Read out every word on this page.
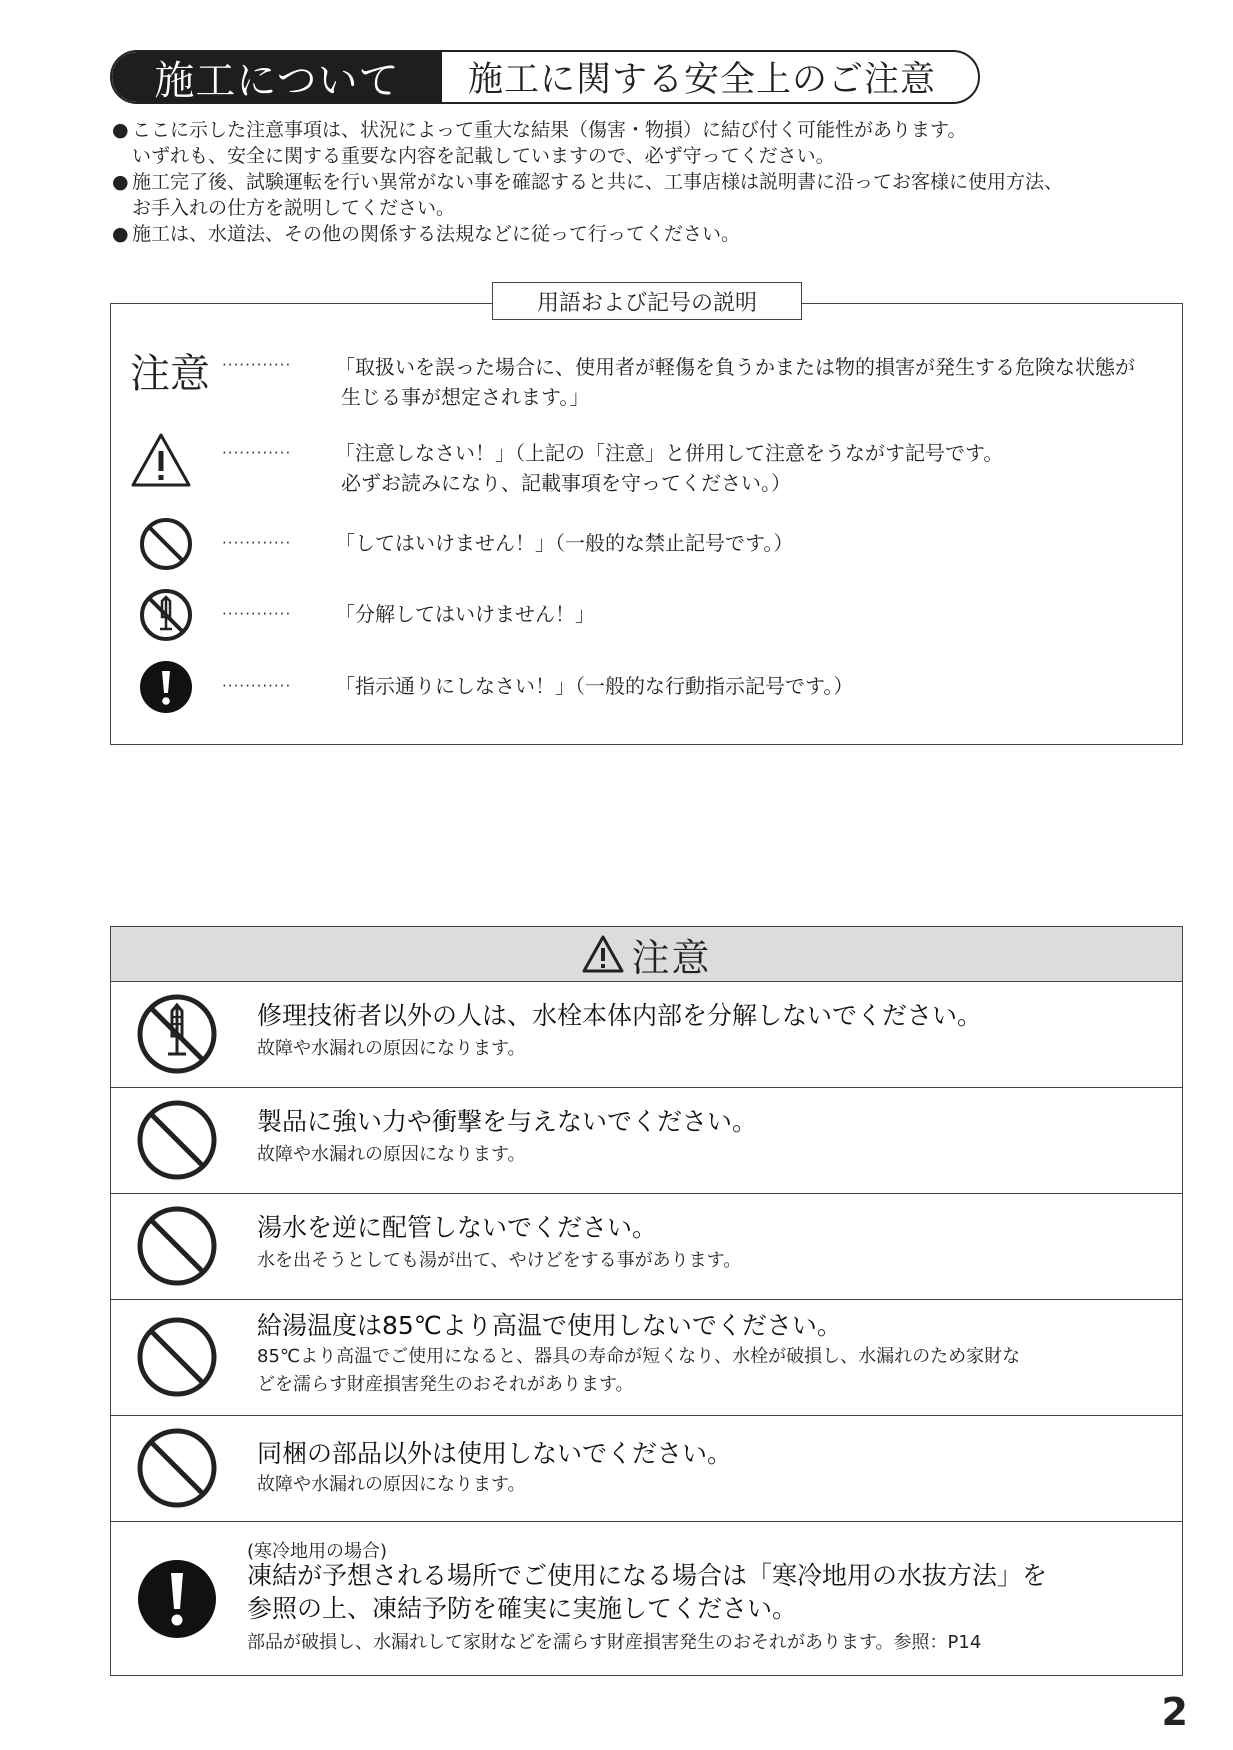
施工について	施工に関する安全上のご注意
● ここに示した注意事項は、状況によって重大な結果（傷害・物損）に結び付く可能性があります。
いずれも、安全に関する重要な内容を記載していますので、必ず守ってください。
● 施工完了後、試験運転を行い異常がない事を確認すると共に、工事店様は説明書に沿ってお客様に使用方法、
お手入れの仕方を説明してください。
● 施工は、水道法、その他の関係する法規などに従って行ってください。
用語および記号の説明
注意 ············ 「取扱いを誤った場合に、使用者が軽傷を負うかまたは物的損害が発生する危険な状態が
生じる事が想定されます。」
············ 「注意しなさい！」（上記の「注意」と併用して注意をうながす記号です。
必ずお読みになり、記載事項を守ってください。）
············ 「してはいけません！」（一般的な禁止記号です。）
············ 「分解してはいけません！」
············ 「指示通りにしなさい！」（一般的な行動指示記号です。）
注意
修理技術者以外の人は、水栓本体内部を分解しないでください。
故障や水漏れの原因になります。
製品に強い力や衝撃を与えないでください。
故障や水漏れの原因になります。
湯水を逆に配管しないでください。
水を出そうとしても湯が出て、やけどをする事があります。
給湯温度は85℃より高温で使用しないでください。
85℃より高温でご使用になると、器具の寿命が短くなり、水栓が破損し、水漏れのため家財な
どを濡らす財産損害発生のおそれがあります。
同梱の部品以外は使用しないでください。
故障や水漏れの原因になります。
(寒冷地用の場合)
凍結が予想される場所でご使用になる場合は「寒冷地用の水抜方法」を
参照の上、凍結予防を確実に実施してください。
部品が破損し、水漏れして家財などを濡らす財産損害発生のおそれがあります。参照：P14
2
